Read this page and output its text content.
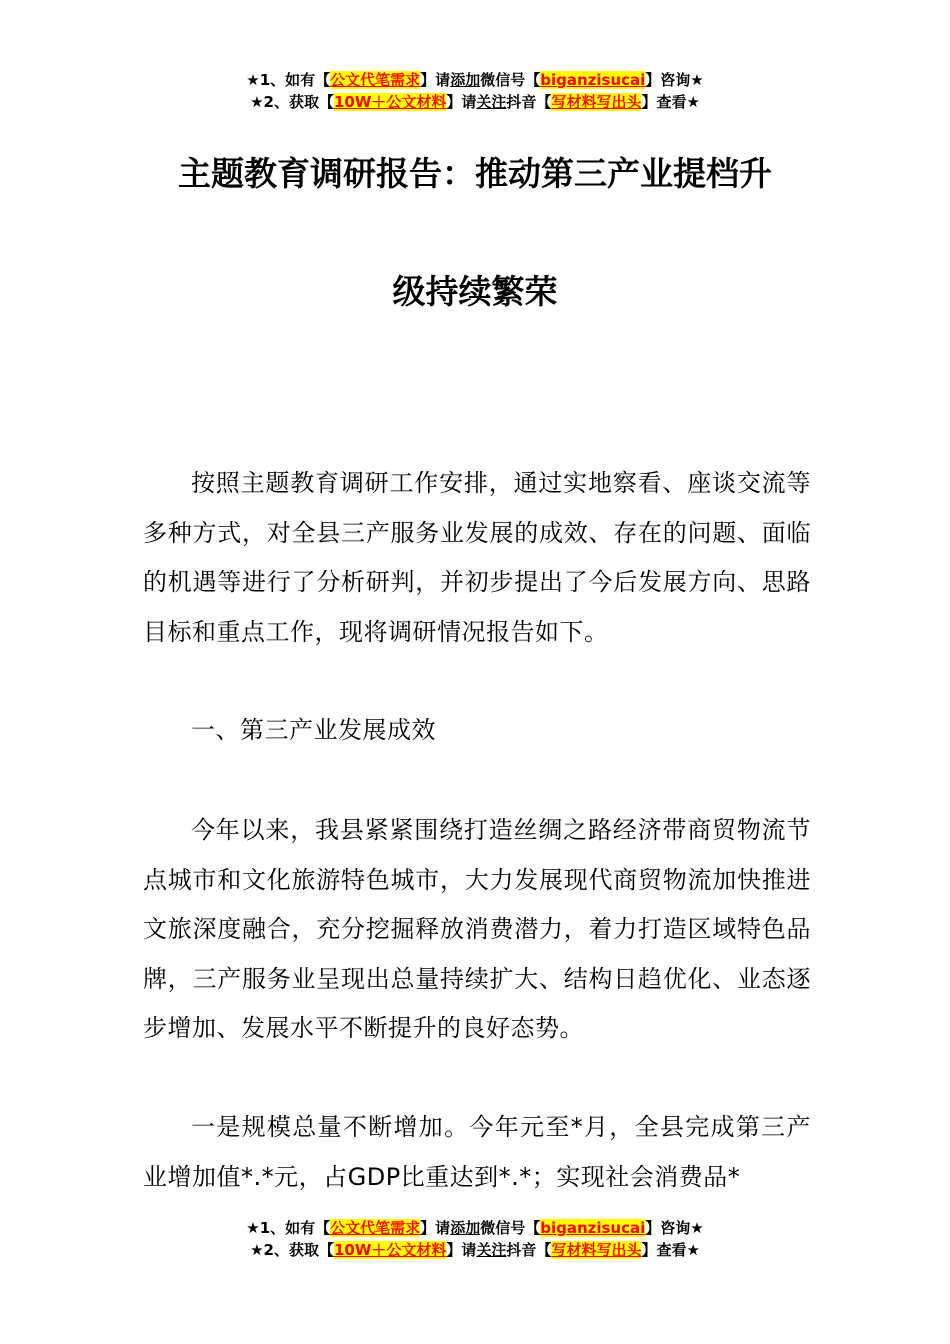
★1、如有【公文代笔需求】请添加微信号【biganzisucai】咨询★
★2、获取【10W＋公文材料】请关注抖音【写材料写出头】查看★
主题教育调研报告：推动第三产业提档升
级持续繁荣

按照主题教育调研工作安排，通过实地察看、座谈交流等多种方式，对全县三产服务业发展的成效、存在的问题、面临的机遇等进行了分析研判，并初步提出了今后发展方向、思路目标和重点工作，现将调研情况报告如下。

一、第三产业发展成效

今年以来，我县紧紧围绕打造丝绸之路经济带商贸物流节点城市和文化旅游特色城市，大力发展现代商贸物流加快推进文旅深度融合，充分挖掘释放消费潜力，着力打造区域特色品牌，三产服务业呈现出总量持续扩大、结构日趋优化、业态逐步增加、发展水平不断提升的良好态势。

一是规模总量不断增加。今年元至*月，全县完成第三产业增加值*.*元，占GDP比重达到*.*；实现社会消费品*

★1、如有【公文代笔需求】请添加微信号【biganzisucai】咨询★
★2、获取【10W＋公文材料】请关注抖音【写材料写出头】查看★
